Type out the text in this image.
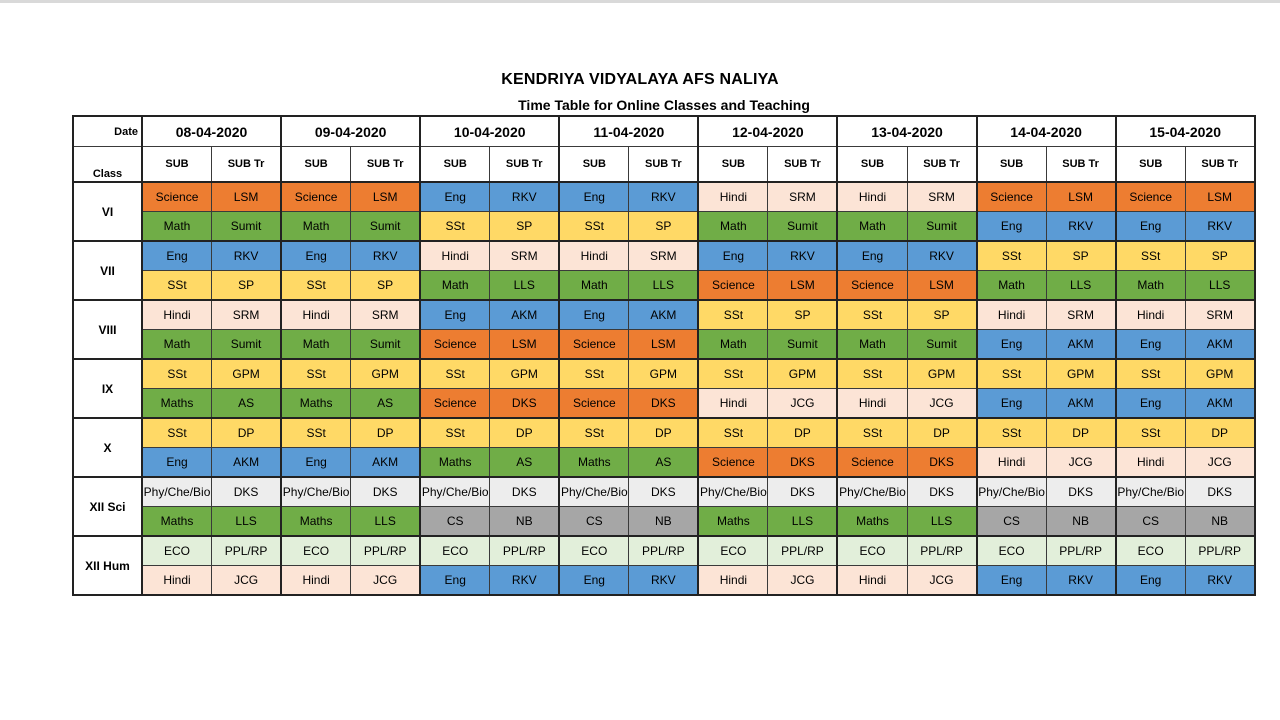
KENDRIYA VIDYALAYA AFS NALIYA
Time Table for Online Classes and Teaching
Date	08-04-2020		09-04-2020		10-04-2020		11-04-2020		12-04-2020		13-04-2020		14-04-2020		15-04-2020	
Class	SUB	SUB Tr	SUB	SUB Tr	SUB	SUB Tr	SUB	SUB Tr	SUB	SUB Tr	SUB	SUB Tr	SUB	SUB Tr	SUB	SUB Tr
VI	Science	LSM	Science	LSM	Eng	RKV	Eng	RKV	Hindi	SRM	Hindi	SRM	Science	LSM	Science	LSM
	Math	Sumit	Math	Sumit	SSt	SP	SSt	SP	Math	Sumit	Math	Sumit	Eng	RKV	Eng	RKV
VII	Eng	RKV	Eng	RKV	Hindi	SRM	Hindi	SRM	Eng	RKV	Eng	RKV	SSt	SP	SSt	SP
	SSt	SP	SSt	SP	Math	LLS	Math	LLS	Science	LSM	Science	LSM	Math	LLS	Math	LLS
VIII	Hindi	SRM	Hindi	SRM	Eng	AKM	Eng	AKM	SSt	SP	SSt	SP	Hindi	SRM	Hindi	SRM
	Math	Sumit	Math	Sumit	Science	LSM	Science	LSM	Math	Sumit	Math	Sumit	Eng	AKM	Eng	AKM
IX	SSt	GPM	SSt	GPM	SSt	GPM	SSt	GPM	SSt	GPM	SSt	GPM	SSt	GPM	SSt	GPM
	Maths	AS	Maths	AS	Science	DKS	Science	DKS	Hindi	JCG	Hindi	JCG	Eng	AKM	Eng	AKM
X	SSt	DP	SSt	DP	SSt	DP	SSt	DP	SSt	DP	SSt	DP	SSt	DP	SSt	DP
	Eng	AKM	Eng	AKM	Maths	AS	Maths	AS	Science	DKS	Science	DKS	Hindi	JCG	Hindi	JCG
XII Sci	Phy/Che/Bio	DKS	Phy/Che/Bio	DKS	Phy/Che/Bio	DKS	Phy/Che/Bio	DKS	Phy/Che/Bio	DKS	Phy/Che/Bio	DKS	Phy/Che/Bio	DKS	Phy/Che/Bio	DKS
	Maths	LLS	Maths	LLS	CS	NB	CS	NB	Maths	LLS	Maths	LLS	CS	NB	CS	NB
XII Hum	ECO	PPL/RP	ECO	PPL/RP	ECO	PPL/RP	ECO	PPL/RP	ECO	PPL/RP	ECO	PPL/RP	ECO	PPL/RP	ECO	PPL/RP
	Hindi	JCG	Hindi	JCG	Eng	RKV	Eng	RKV	Hindi	JCG	Hindi	JCG	Eng	RKV	Eng	RKV
